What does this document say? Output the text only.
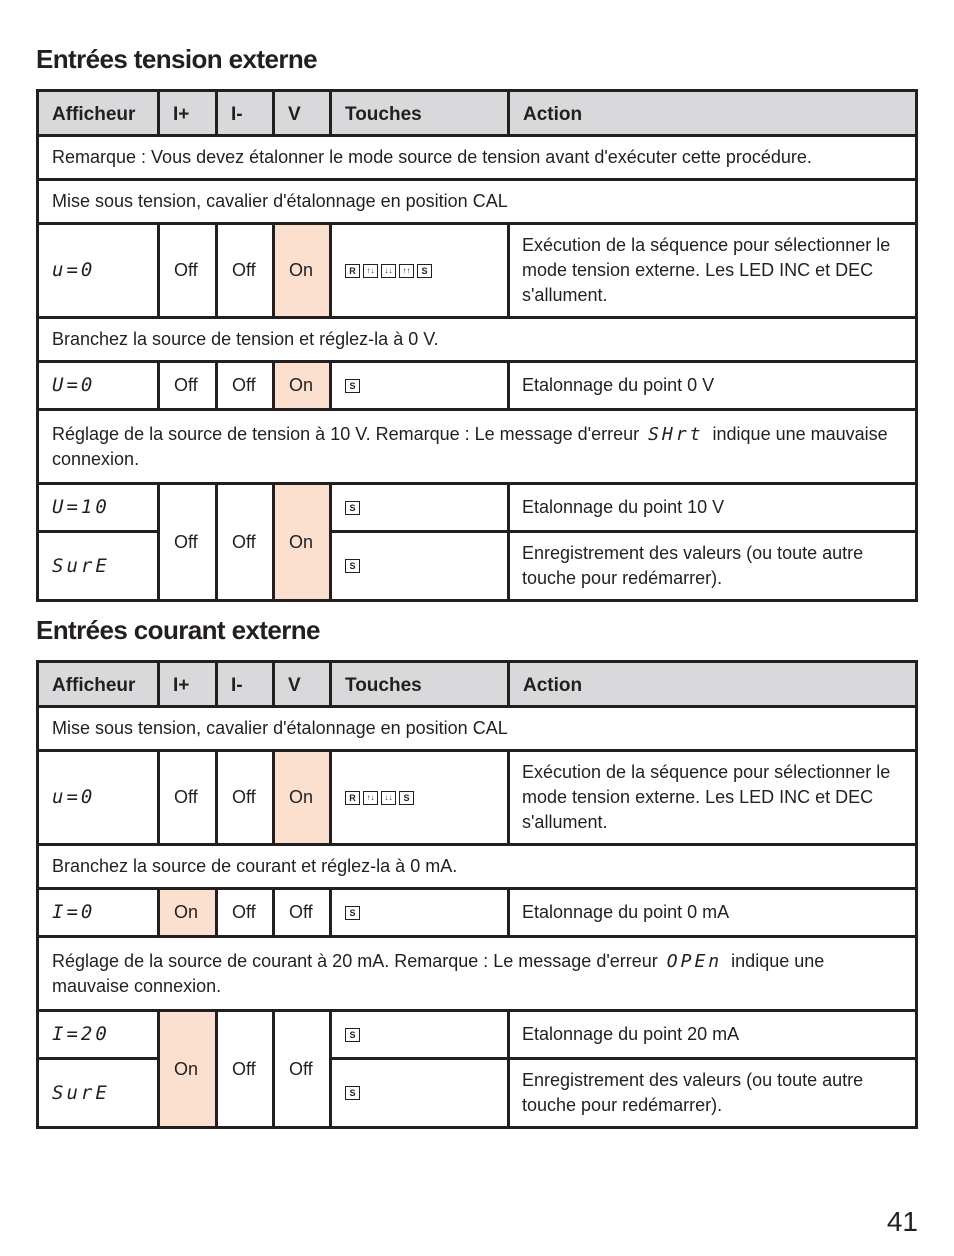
Entrées tension externe
Afficheur	I+	I-	V	Touches	Action
Remarque : Vous devez étalonner le mode source de tension avant d'exécuter cette procédure.					
Mise sous tension, cavalier d'étalonnage en position CAL					
u=0	Off	Off	On	R ↑↓ ↓↓ ↑↑ S	Exécution de la séquence pour sélectionner le mode tension externe. Les LED INC et DEC s'allument.
Branchez la source de tension et réglez-la à 0 V.					
U=0	Off	Off	On	S	Etalonnage du point 0 V
Réglage de la source de tension à 10 V. Remarque : Le message d'erreur SHrt indique une mauvaise connexion.					
U=10	Off	Off	On	S	Etalonnage du point 10 V
SurE				S	Enregistrement des valeurs (ou toute autre touche pour redémarrer).
Entrées courant externe
Afficheur	I+	I-	V	Touches	Action
Mise sous tension, cavalier d'étalonnage en position CAL					
u=0	Off	Off	On	R ↑↓ ↓↓ S	Exécution de la séquence pour sélectionner le mode tension externe. Les LED INC et DEC s'allument.
Branchez la source de courant et réglez-la à 0 mA.					
I=0	On	Off	Off	S	Etalonnage du point 0 mA
Réglage de la source de courant à 20 mA. Remarque : Le message d'erreur OPEn indique une mauvaise connexion.					
I=20	On	Off	Off	S	Etalonnage du point 20 mA
SurE				S	Enregistrement des valeurs (ou toute autre touche pour redémarrer).
41
